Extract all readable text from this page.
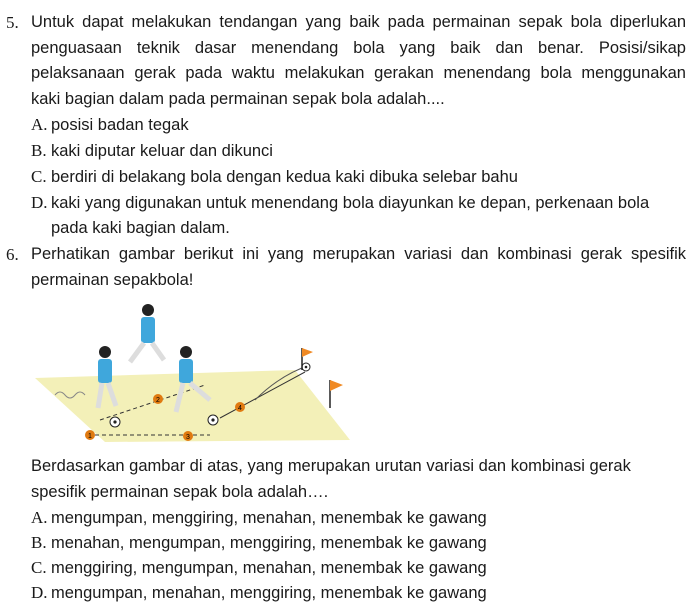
5. Untuk dapat melakukan tendangan yang baik pada permainan sepak bola diperlukan
penguasaan teknik dasar menendang bola yang baik dan benar. Posisi/sikap
pelaksanaan gerak pada waktu melakukan gerakan menendang bola menggunakan
kaki bagian dalam pada permainan sepak bola adalah....
A. posisi badan tegak
B. kaki diputar keluar dan dikunci
C. berdiri di belakang bola dengan kedua kaki dibuka selebar bahu
D. kaki yang digunakan untuk menendang bola diayunkan ke depan, perkenaan bola
pada kaki bagian dalam.
6. Perhatikan gambar berikut ini yang merupakan variasi dan kombinasi gerak spesifik
permainan sepakbola!
1
2
3
4
Berdasarkan gambar di atas, yang merupakan urutan variasi dan kombinasi gerak
spesifik permainan sepak bola adalah….
A. mengumpan, menggiring, menahan, menembak ke gawang
B. menahan, mengumpan, menggiring, menembak ke gawang
C. menggiring, mengumpan, menahan, menembak ke gawang
D. mengumpan, menahan, menggiring, menembak ke gawang
